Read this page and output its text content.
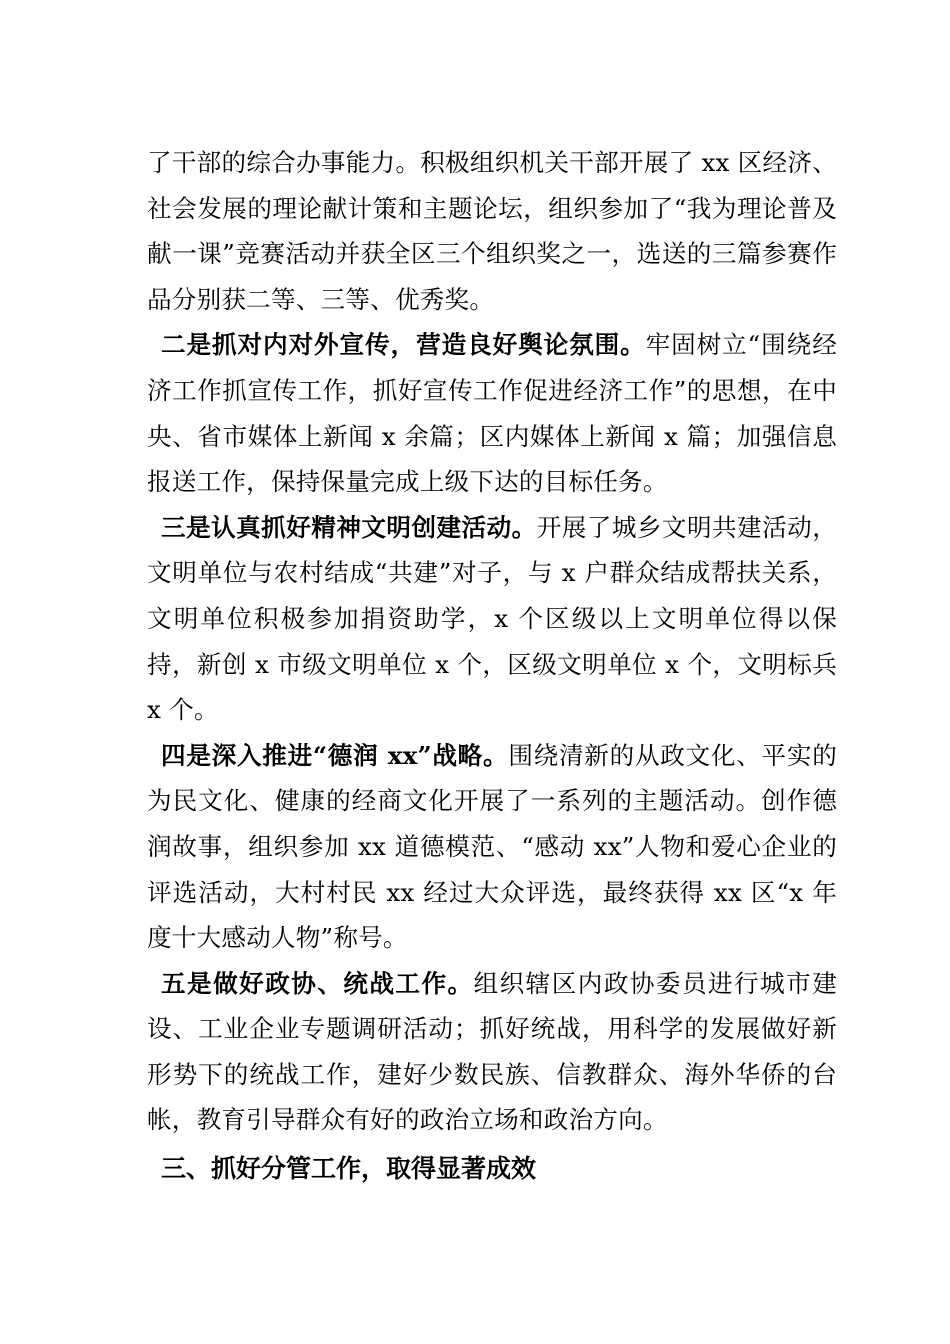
了干部的综合办事能力。积极组织机关干部开展了 xx 区经济、社会发展的理论献计策和主题论坛，组织参加了“我为理论普及献一课”竞赛活动并获全区三个组织奖之一，选送的三篇参赛作品分别获二等、三等、优秀奖。

二是抓对内对外宣传，营造良好舆论氛围。牢固树立“围绕经济工作抓宣传工作，抓好宣传工作促进经济工作”的思想，在中央、省市媒体上新闻 x 余篇；区内媒体上新闻 x 篇；加强信息报送工作，保持保量完成上级下达的目标任务。

三是认真抓好精神文明创建活动。开展了城乡文明共建活动，文明单位与农村结成“共建”对子，与 x 户群众结成帮扶关系，文明单位积极参加捐资助学，x 个区级以上文明单位得以保持，新创 x 市级文明单位 x 个，区级文明单位 x 个，文明标兵 x 个。

四是深入推进“德润 xx”战略。围绕清新的从政文化、平实的为民文化、健康的经商文化开展了一系列的主题活动。创作德润故事，组织参加 xx 道德模范、“感动 xx”人物和爱心企业的评选活动，大村村民 xx 经过大众评选，最终获得 xx 区“x 年度十大感动人物”称号。

五是做好政协、统战工作。组织辖区内政协委员进行城市建设、工业企业专题调研活动；抓好统战，用科学的发展做好新形势下的统战工作，建好少数民族、信教群众、海外华侨的台帐，教育引导群众有好的政治立场和政治方向。

三、抓好分管工作，取得显著成效
